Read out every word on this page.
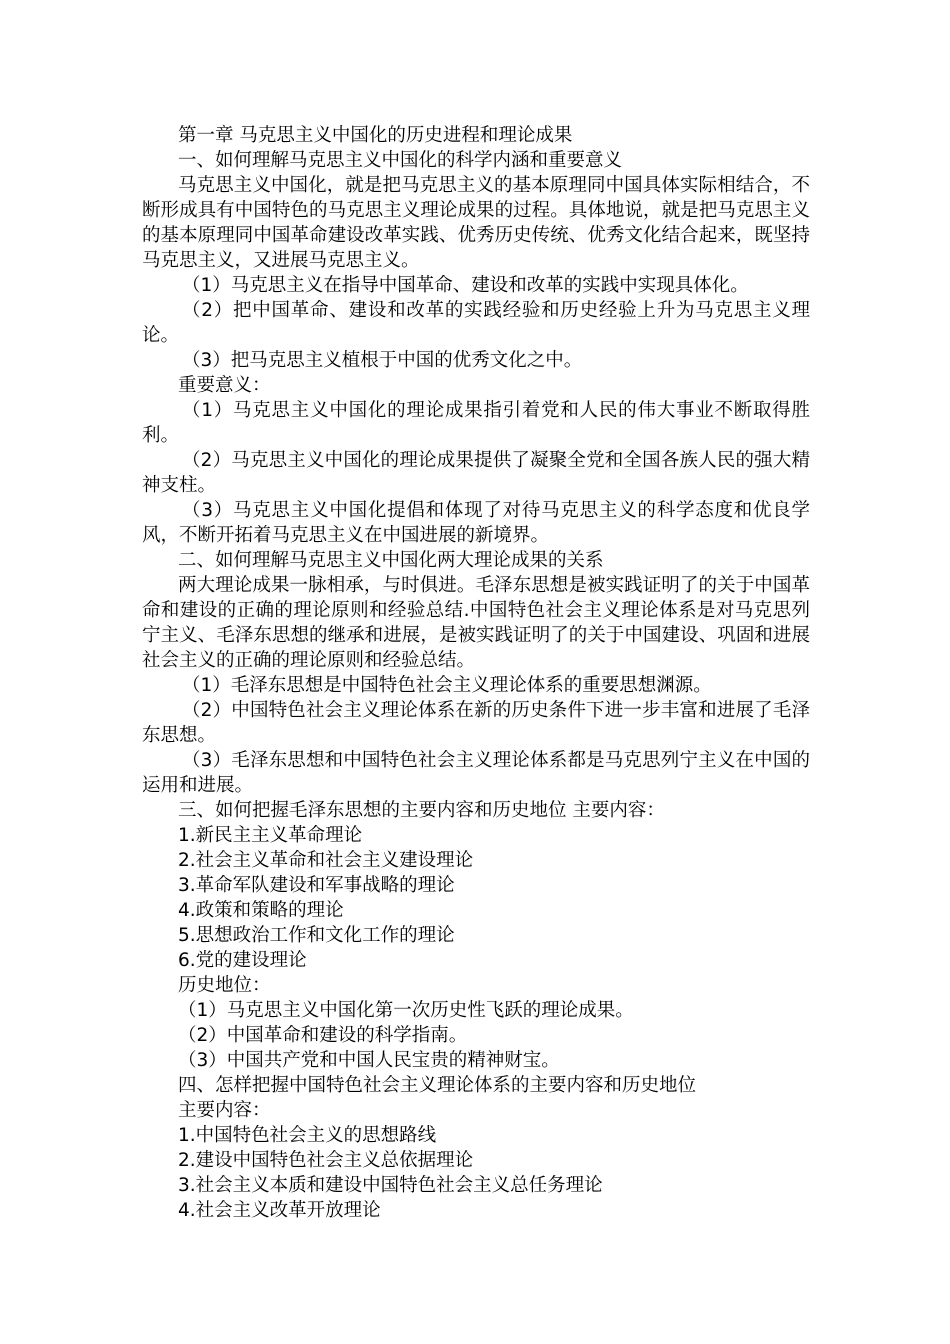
第一章 马克思主义中国化的历史进程和理论成果

一、如何理解马克思主义中国化的科学内涵和重要意义

马克思主义中国化，就是把马克思主义的基本原理同中国具体实际相结合，不断形成具有中国特色的马克思主义理论成果的过程。具体地说，就是把马克思主义的基本原理同中国革命建设改革实践、优秀历史传统、优秀文化结合起来，既坚持马克思主义，又进展马克思主义。

（1）马克思主义在指导中国革命、建设和改革的实践中实现具体化。

（2）把中国革命、建设和改革的实践经验和历史经验上升为马克思主义理论。

（3）把马克思主义植根于中国的优秀文化之中。

重要意义：

（1）马克思主义中国化的理论成果指引着党和人民的伟大事业不断取得胜利。

（2）马克思主义中国化的理论成果提供了凝聚全党和全国各族人民的强大精神支柱。

（3）马克思主义中国化提倡和体现了对待马克思主义的科学态度和优良学风，不断开拓着马克思主义在中国进展的新境界。

二、如何理解马克思主义中国化两大理论成果的关系

两大理论成果一脉相承，与时俱进。毛泽东思想是被实践证明了的关于中国革命和建设的正确的理论原则和经验总结.中国特色社会主义理论体系是对马克思列宁主义、毛泽东思想的继承和进展，是被实践证明了的关于中国建设、巩固和进展社会主义的正确的理论原则和经验总结。

（1）毛泽东思想是中国特色社会主义理论体系的重要思想渊源。

（2）中国特色社会主义理论体系在新的历史条件下进一步丰富和进展了毛泽东思想。

（3）毛泽东思想和中国特色社会主义理论体系都是马克思列宁主义在中国的运用和进展。

三、如何把握毛泽东思想的主要内容和历史地位 主要内容：

1.新民主主义革命理论

2.社会主义革命和社会主义建设理论

3.革命军队建设和军事战略的理论

4.政策和策略的理论

5.思想政治工作和文化工作的理论

6.党的建设理论

历史地位：

（1）马克思主义中国化第一次历史性飞跃的理论成果。

（2）中国革命和建设的科学指南。

（3）中国共产党和中国人民宝贵的精神财宝。

四、怎样把握中国特色社会主义理论体系的主要内容和历史地位

主要内容：

1.中国特色社会主义的思想路线

2.建设中国特色社会主义总依据理论

3.社会主义本质和建设中国特色社会主义总任务理论

4.社会主义改革开放理论
